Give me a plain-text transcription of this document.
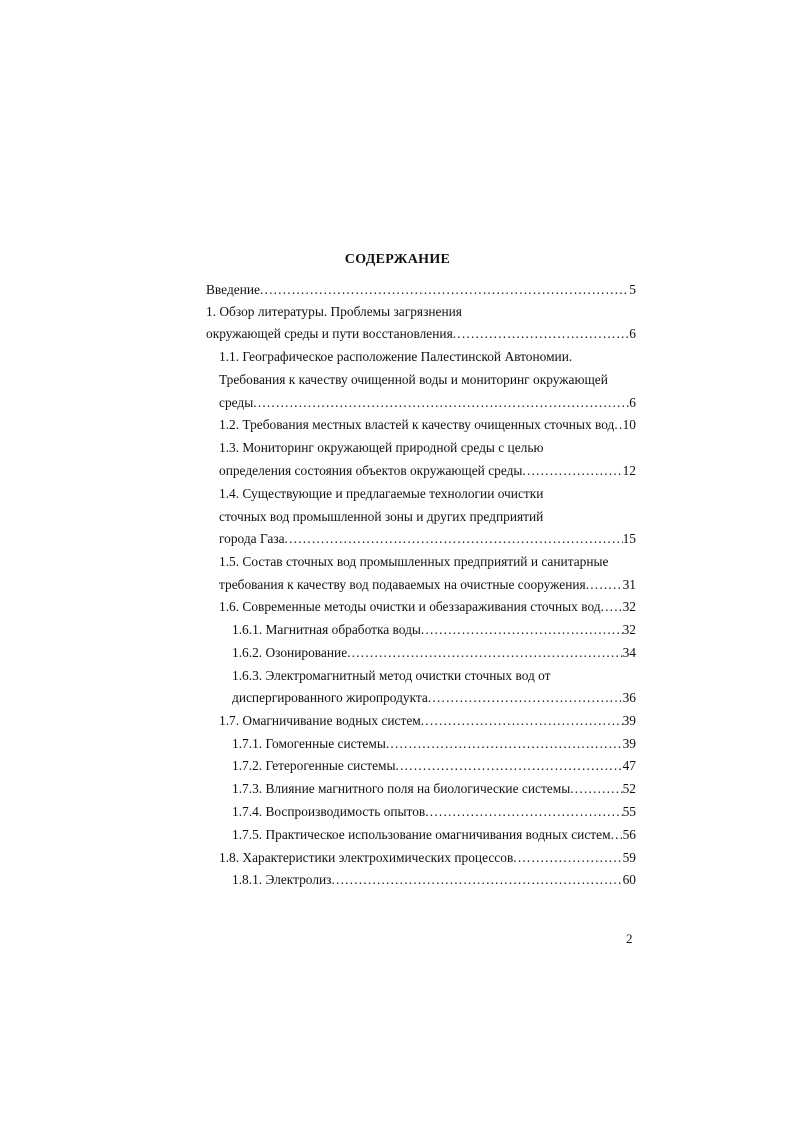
СОДЕРЖАНИЕ
Введение .....	5
1. Обзор литературы. Проблемы загрязнения
окружающей среды и пути восстановления .....	6
1.1. Географическое расположение Палестинской Автономии.
Требования к качеству очищенной воды и мониторинг окружающей
среды .....	6
1.2. Требования местных властей к качеству очищенных сточных вод ..... 10
1.3. Мониторинг окружающей природной среды с целью
определения состояния объектов окружающей среды .....	12
1.4. Существующие и предлагаемые технологии очистки
сточных вод промышленной зоны и других предприятий
города Газа .....	15
1.5. Состав сточных вод промышленных предприятий и санитарные
требования к качеству вод подаваемых на очистные сооружения .....	31
1.6. Современные методы очистки и обеззараживания сточных вод ..... 32
1.6.1. Магнитная обработка воды .....	32
1.6.2. Озонирование .....	34
1.6.3. Электромагнитный метод очистки сточных вод от
диспергированного жиропродукта .....	36
1.7. Омагничивание водных систем .....	39
1.7.1. Гомогенные системы .....	39
1.7.2. Гетерогенные системы .....	47
1.7.3. Влияние магнитного поля на биологические системы .....	52
1.7.4. Воспроизводимость опытов .....	55
1.7.5. Практическое использование омагничивания водных систем ..... 56
1.8. Характеристики электрохимических процессов .....	59
1.8.1. Электролиз .....	60
2
